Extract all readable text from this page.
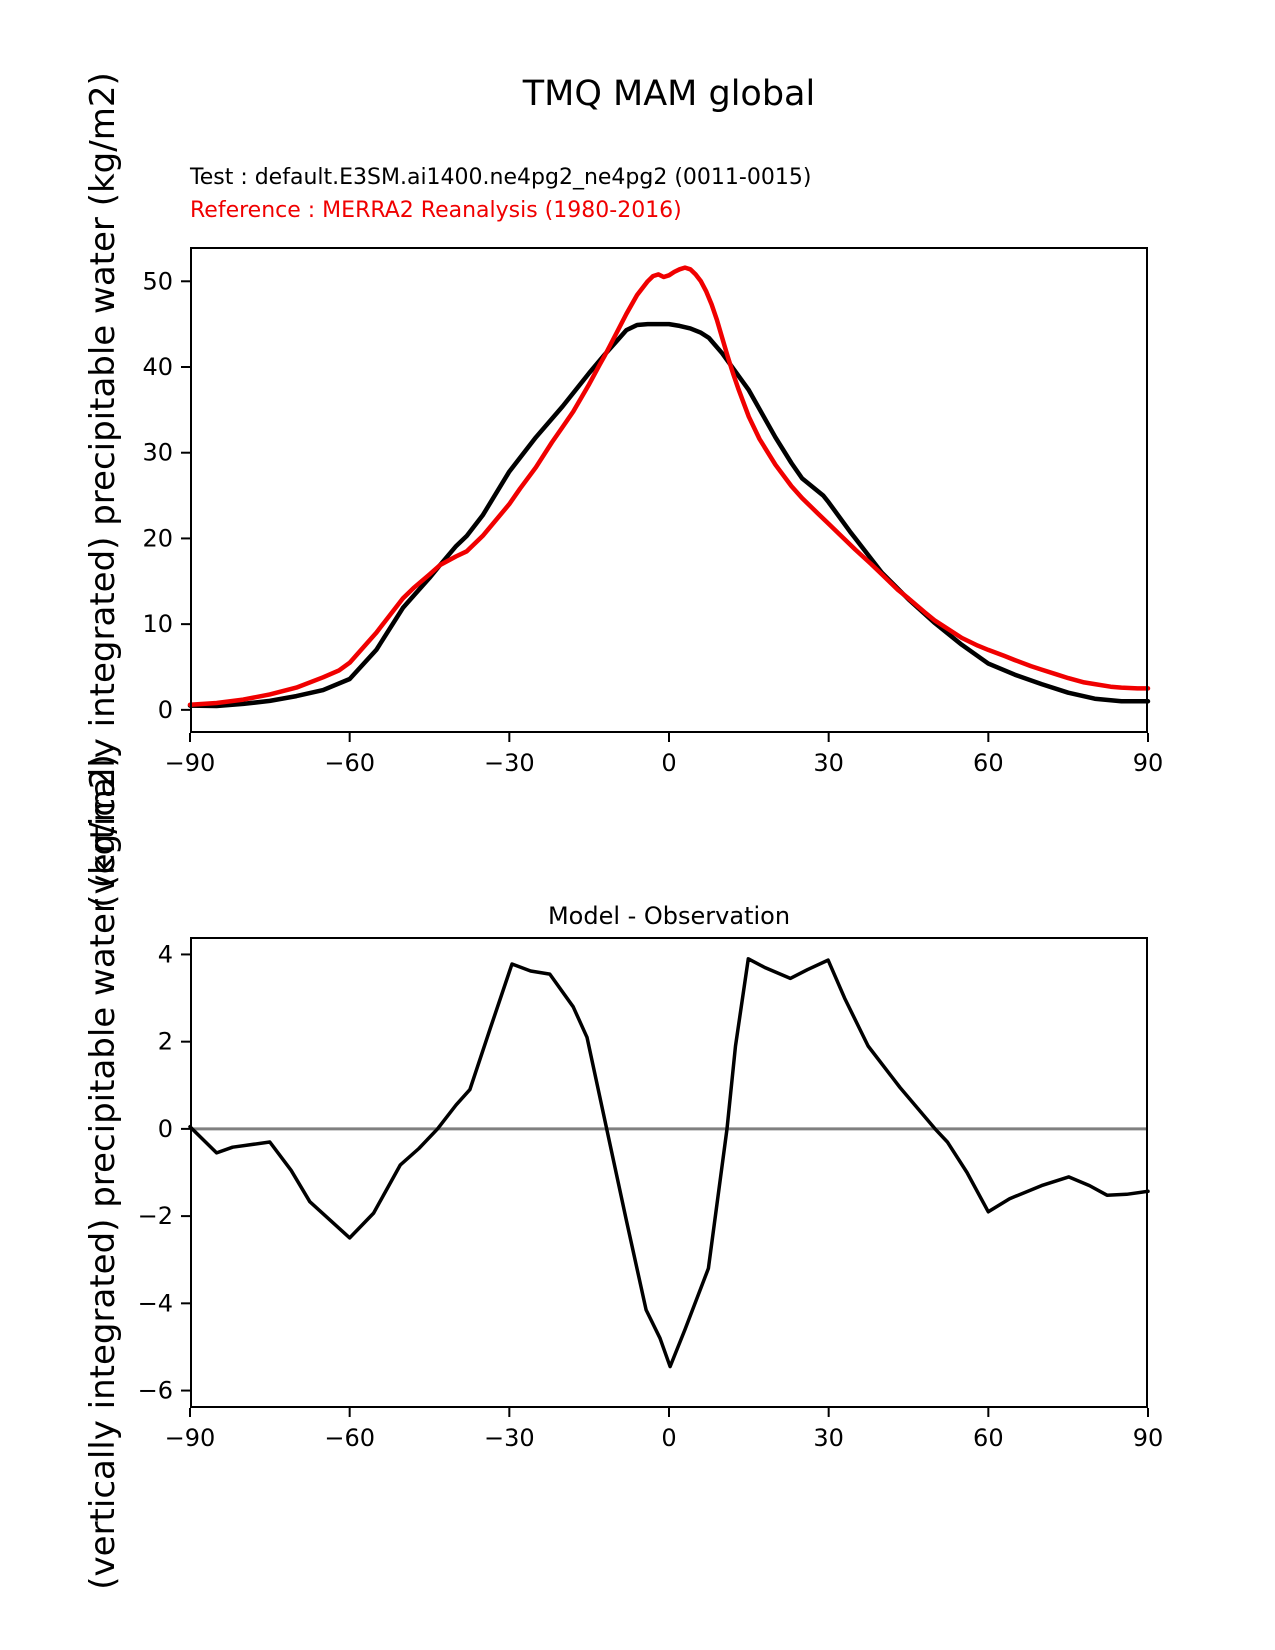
TMQ MAM global
Test : default.E3SM.ai1400.ne4pg2_ne4pg2 (0011-0015)
Reference : MERRA2 Reanalysis (1980-2016)
(vertically integrated) precipitable water (kg/m2)
(vertically integrated) precipitable water (kg/m2)	Model - Observation
−90	−60	−30	0	30	60	90
0
10
20
30
40
50
−90	−60	−30	0	30	60	90
4
2
0
−2
−4
−6
